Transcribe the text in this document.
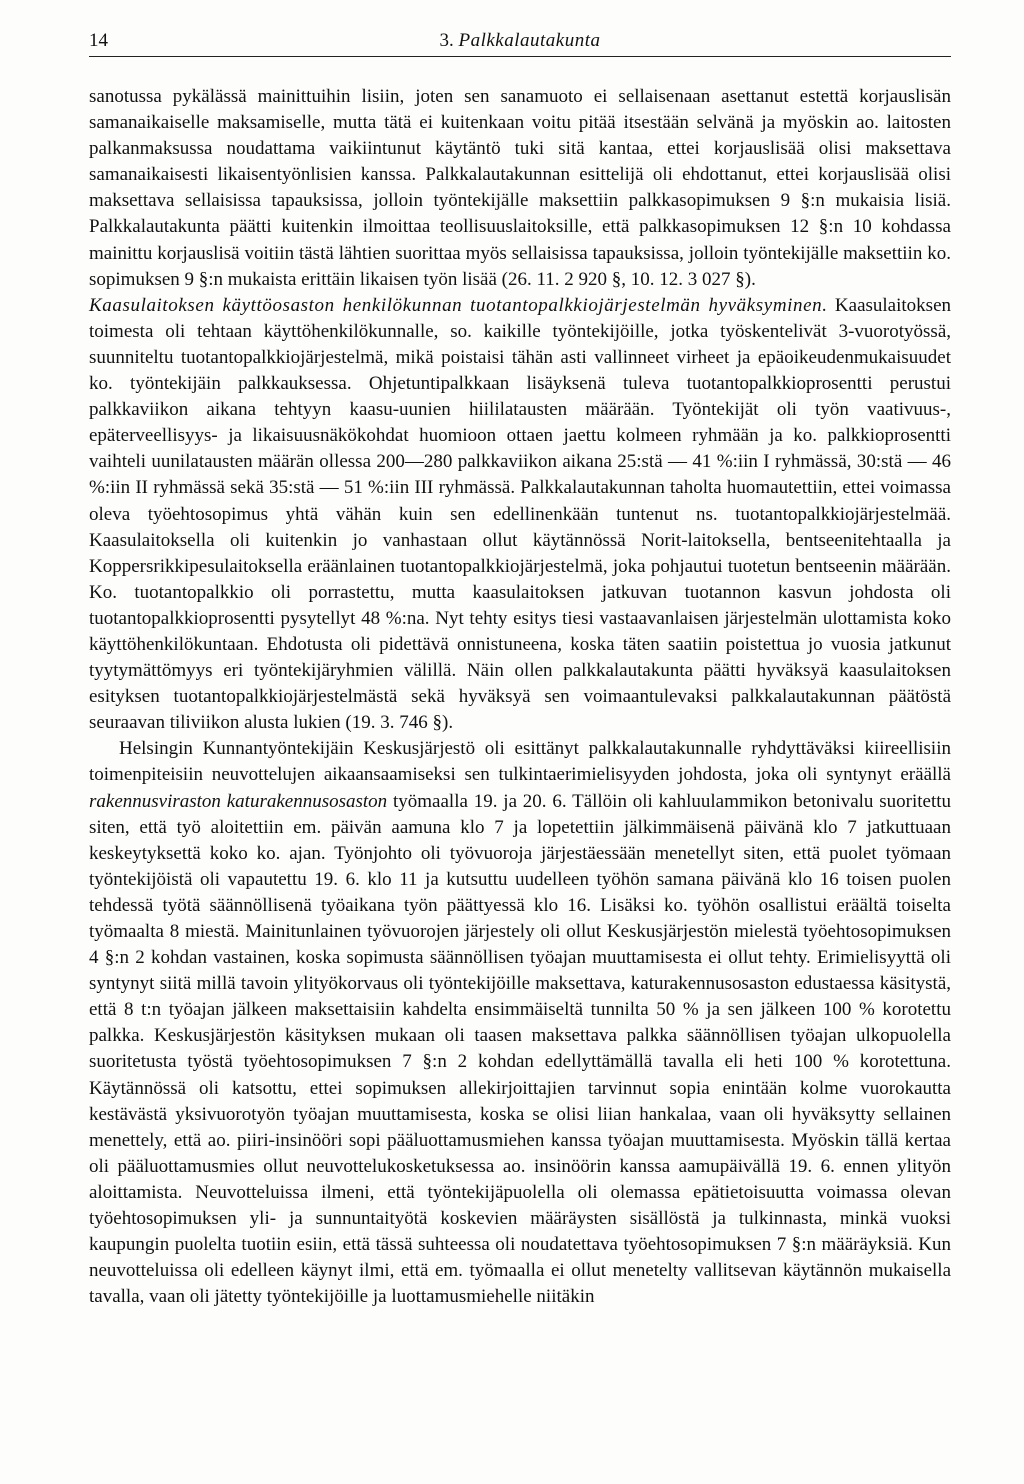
14	3. Palkkalautakunta

sanotussa pykälässä mainittuihin lisiin, joten sen sanamuoto ei sellaisenaan asettanut estettä korjauslisän samanaikaiselle maksamiselle, mutta tätä ei kuitenkaan voitu pitää itsestään selvänä ja myöskin ao. laitosten palkanmaksussa noudattama vaikiintunut käytäntö tuki sitä kantaa, ettei korjauslisää olisi maksettava samanaikaisesti likaisentyönlisien kanssa. Palkkalautakunnan esittelijä oli ehdottanut, ettei korjauslisää olisi maksettava sellaisissa tapauksissa, jolloin työntekijälle maksettiin palkkasopimuksen 9 §:n mukaisia lisiä. Palkkalautakunta päätti kuitenkin ilmoittaa teollisuuslaitoksille, että palkkasopimuksen 12 §:n 10 kohdassa mainittu korjauslisä voitiin tästä lähtien suorittaa myös sellaisissa tapauksissa, jolloin työntekijälle maksettiin ko. sopimuksen 9 §:n mukaista erittäin likaisen työn lisää (26. 11. 2 920 §, 10. 12. 3 027 §).

Kaasulaitoksen käyttöosaston henkilökunnan tuotantopalkkiojärjestelmän hyväksyminen. Kaasulaitoksen toimesta oli tehtaan käyttöhenkilökunnalle, so. kaikille työntekijöille, jotka työskentelivät 3-vuorotyössä, suunniteltu tuotantopalkkiojärjestelmä, mikä poistaisi tähän asti vallinneet virheet ja epäoikeudenmukaisuudet ko. työntekijäin palkkauksessa. Ohjetuntipalkkaan lisäyksenä tuleva tuotantopalkkioprosentti perustui palkkaviikon aikana tehtyyn kaasu-uunien hiililatausten määrään. Työntekijät oli työn vaativuus-, epäterveellisyys- ja likaisuusnäkökohdat huomioon ottaen jaettu kolmeen ryhmään ja ko. palkkioprosentti vaihteli uunilatausten määrän ollessa 200—280 palkkaviikon aikana 25:stä — 41 %:iin I ryhmässä, 30:stä — 46 %:iin II ryhmässä sekä 35:stä — 51 %:iin III ryhmässä. Palkkalautakunnan taholta huomautettiin, ettei voimassa oleva työehtosopimus yhtä vähän kuin sen edellinenkään tuntenut ns. tuotantopalkkiojärjestelmää. Kaasulaitoksella oli kuitenkin jo vanhastaan ollut käytännössä Norit-laitoksella, bentseenitehtaalla ja Koppersrikkipesulaitoksella eräänlainen tuotantopalkkiojärjestelmä, joka pohjautui tuotetun bentseenin määrään. Ko. tuotantopalkkio oli porrastettu, mutta kaasulaitoksen jatkuvan tuotannon kasvun johdosta oli tuotantopalkkioprosentti pysytellyt 48 %:na. Nyt tehty esitys tiesi vastaavanlaisen järjestelmän ulottamista koko käyttöhenkilökuntaan. Ehdotusta oli pidettävä onnistuneena, koska täten saatiin poistettua jo vuosia jatkunut tyytymättömyys eri työntekijäryhmien välillä. Näin ollen palkkalautakunta päätti hyväksyä kaasulaitoksen esityksen tuotantopalkkiojärjestelmästä sekä hyväksyä sen voimaantulevaksi palkkalautakunnan päätöstä seuraavan tiliviikon alusta lukien (19. 3. 746 §).

Helsingin Kunnantyöntekijäin Keskusjärjestö oli esittänyt palkkalautakunnalle ryhdyttäväksi kiireellisiin toimenpiteisiin neuvottelujen aikaansaamiseksi sen tulkintaerimielisyyden johdosta, joka oli syntynyt eräällä rakennusviraston katurakennusosaston työmaalla 19. ja 20. 6. Tällöin oli kahluulammikon betonivalu suoritettu siten, että työ aloitettiin em. päivän aamuna klo 7 ja lopetettiin jälkimmäisenä päivänä klo 7 jatkuttuaan keskeytyksettä koko ko. ajan. Työnjohto oli työvuoroja järjestäessään menetellyt siten, että puolet työmaan työntekijöistä oli vapautettu 19. 6. klo 11 ja kutsuttu uudelleen työhön samana päivänä klo 16 toisen puolen tehdessä työtä säännöllisenä työaikana työn päättyessä klo 16. Lisäksi ko. työhön osallistui eräältä toiselta työmaalta 8 miestä. Mainitunlainen työvuorojen järjestely oli ollut Keskusjärjestön mielestä työehtosopimuksen 4 §:n 2 kohdan vastainen, koska sopimusta säännöllisen työajan muuttamisesta ei ollut tehty. Erimielisyyttä oli syntynyt siitä millä tavoin ylityökorvaus oli työntekijöille maksettava, katurakennusosaston edustaessa käsitystä, että 8 t:n työajan jälkeen maksettaisiin kahdelta ensimmäiseltä tunnilta 50 % ja sen jälkeen 100 % korotettu palkka. Keskusjärjestön käsityksen mukaan oli taasen maksettava palkka säännöllisen työajan ulkopuolella suoritetusta työstä työehtosopimuksen 7 §:n 2 kohdan edellyttämällä tavalla eli heti 100 % korotettuna. Käytännössä oli katsottu, ettei sopimuksen allekirjoittajien tarvinnut sopia enintään kolme vuorokautta kestävästä yksivuorotyön työajan muuttamisesta, koska se olisi liian hankalaa, vaan oli hyväksytty sellainen menettely, että ao. piiri-insinööri sopi pääluottamusmiehen kanssa työajan muuttamisesta. Myöskin tällä kertaa oli pääluottamusmies ollut neuvottelukosketuksessa ao. insinöörin kanssa aamupäivällä 19. 6. ennen ylityön aloittamista. Neuvotteluissa ilmeni, että työntekijäpuolella oli olemassa epätietoisuutta voimassa olevan työehtosopimuksen yli- ja sunnuntaityötä koskevien määräysten sisällöstä ja tulkinnasta, minkä vuoksi kaupungin puolelta tuotiin esiin, että tässä suhteessa oli noudatettava työehtosopimuksen 7 §:n määräyksiä. Kun neuvotteluissa oli edelleen käynyt ilmi, että em. työmaalla ei ollut menetelty vallitsevan käytännön mukaisella tavalla, vaan oli jätetty työntekijöille ja luottamusmiehelle niitäkin
